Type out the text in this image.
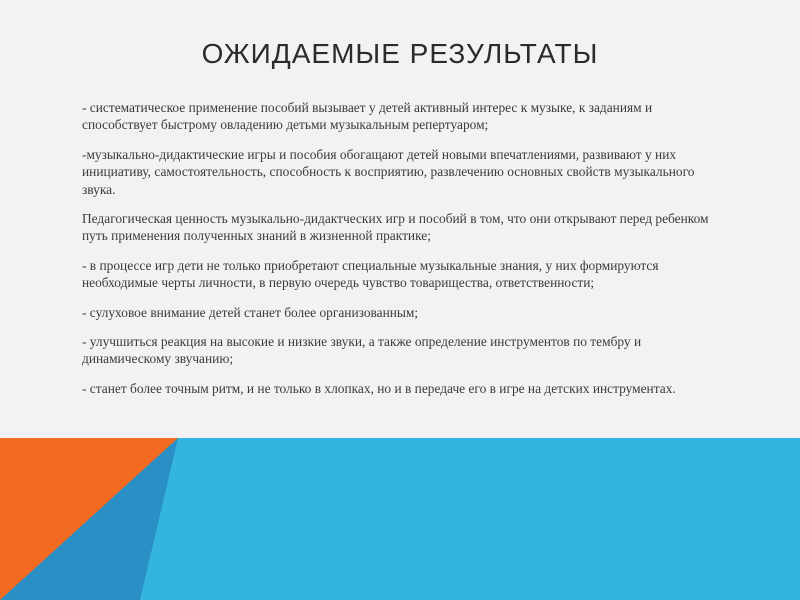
ОЖИДАЕМЫЕ РЕЗУЛЬТАТЫ

- систематическое применение пособий вызывает у детей активный интерес к музыке, к заданиям и способствует быстрому овладению детьми музыкальным репертуаром;

-музыкально-дидактические игры и пособия обогащают детей новыми впечатлениями, развивают у них инициативу, самостоятельность, способность к восприятию, развлечению основных свойств музыкального звука.

Педагогическая ценность музыкально-дидактческих игр и пособий в том, что они открывают перед ребенком путь применения полученных знаний в жизненной практике;

- в процессе игр дети не только приобретают специальные музыкальные знания, у них формируются необходимые черты личности, в первую очередь чувство товарищества, ответственности;

- сулуховое внимание детей станет более организованным;

- улучшиться реакция на высокие и низкие звуки, а также определение инструментов по тембру и динамическому звучанию;

- станет более точным ритм, и не только в хлопках, но и в передаче его в игре на детских инструментах.
